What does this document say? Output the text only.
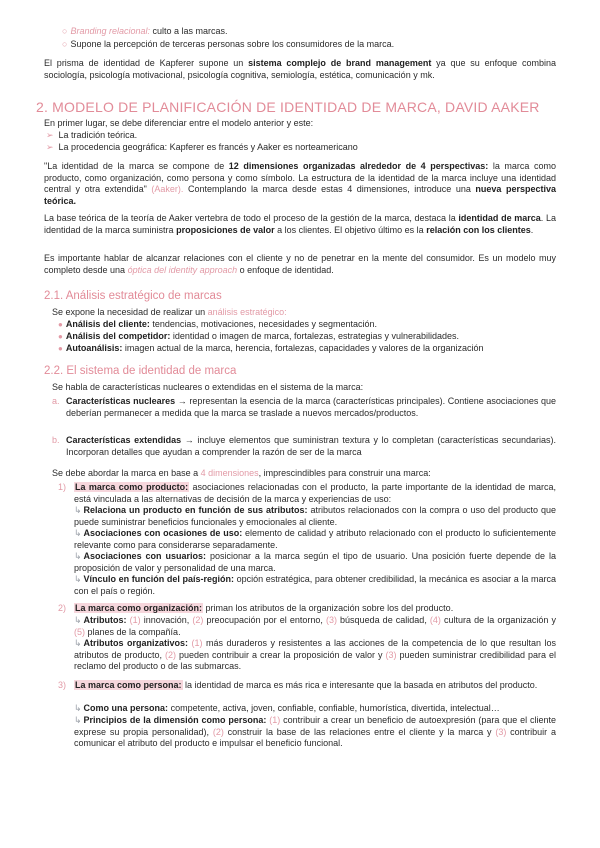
○ Branding relacional: culto a las marcas.
○ Supone la percepción de terceras personas sobre los consumidores de la marca.

El prisma de identidad de Kapferer supone un sistema complejo de brand management ya que su enfoque combina sociología, psicología motivacional, psicología cognitiva, semiología, estética, comunicación y mk.

2. MODELO DE PLANIFICACIÓN DE IDENTIDAD DE MARCA, DAVID AAKER

En primer lugar, se debe diferenciar entre el modelo anterior y este:

➢ La tradición teórica.
➢ La procedencia geográfica: Kapferer es francés y Aaker es norteamericano

"La identidad de la marca se compone de 12 dimensiones organizadas alrededor de 4 perspectivas: la marca como producto, como organización, como persona y como símbolo. La estructura de la identidad de la marca incluye una identidad central y otra extendida" (Aaker). Contemplando la marca desde estas 4 dimensiones, introduce una nueva perspectiva teórica.

La base teórica de la teoría de Aaker vertebra de todo el proceso de la gestión de la marca, destaca la identidad de marca. La identidad de la marca suministra proposiciones de valor a los clientes. El objetivo último es la relación con los clientes.

Es importante hablar de alcanzar relaciones con el cliente y no de penetrar en la mente del consumidor. Es un modelo muy completo desde una óptica del identity approach o enfoque de identidad.

2.1. Análisis estratégico de marcas

Se expone la necesidad de realizar un análisis estratégico:

● Análisis del cliente: tendencias, motivaciones, necesidades y segmentación.
● Análisis del competidor: identidad o imagen de marca, fortalezas, estrategias y vulnerabilidades.
● Autoanálisis: imagen actual de la marca, herencia, fortalezas, capacidades y valores de la organización
2.2. El sistema de identidad de marca

Se habla de características nucleares o extendidas en el sistema de la marca:

a. Características nucleares → representan la esencia de la marca (características principales). Contiene asociaciones que deberían permanecer a medida que la marca se traslade a nuevos mercados/productos.

b. Características extendidas → incluye elementos que suministran textura y lo completan (características secundarias). Incorporan detalles que ayudan a comprender la razón de ser de la marca

Se debe abordar la marca en base a 4 dimensiones, imprescindibles para construir una marca:

1) La marca como producto: asociaciones relacionadas con el producto, la parte importante de la identidad de marca, está vinculada a las alternativas de decisión de la marca y experiencias de uso:

↳ Relaciona un producto en función de sus atributos: atributos relacionados con la compra o uso del producto que puede suministrar beneficios funcionales y emocionales al cliente.

↳ Asociaciones con ocasiones de uso: elemento de calidad y atributo relacionado con el producto lo suficientemente relevante como para considerarse separadamente.

↳ Asociaciones con usuarios: posicionar a la marca según el tipo de usuario. Una posición fuerte depende de la proposición de valor y personalidad de una marca.

↳ Vínculo en función del país-región: opción estratégica, para obtener credibilidad, la mecánica es asociar a la marca con el país o región.

2) La marca como organización: priman los atributos de la organización sobre los del producto.

↳ Atributos: (1) innovación, (2) preocupación por el entorno, (3) búsqueda de calidad, (4) cultura de la organización y (5) planes de la compañía.

↳ Atributos organizativos: (1) más duraderos y resistentes a las acciones de la competencia de lo que resultan los atributos de producto, (2) pueden contribuir a crear la proposición de valor y (3) pueden suministrar credibilidad para el reclamo del producto o de las submarcas.

3) La marca como persona: la identidad de marca es más rica e interesante que la basada en atributos del producto.

↳ Como una persona: competente, activa, joven, confiable, confiable, humorística, divertida, intelectual…

↳ Principios de la dimensión como persona: (1) contribuir a crear un beneficio de autoexpresión (para que el cliente exprese su propia personalidad), (2) construir la base de las relaciones entre el cliente y la marca y (3) contribuir a comunicar el atributo del producto e impulsar el beneficio funcional.
